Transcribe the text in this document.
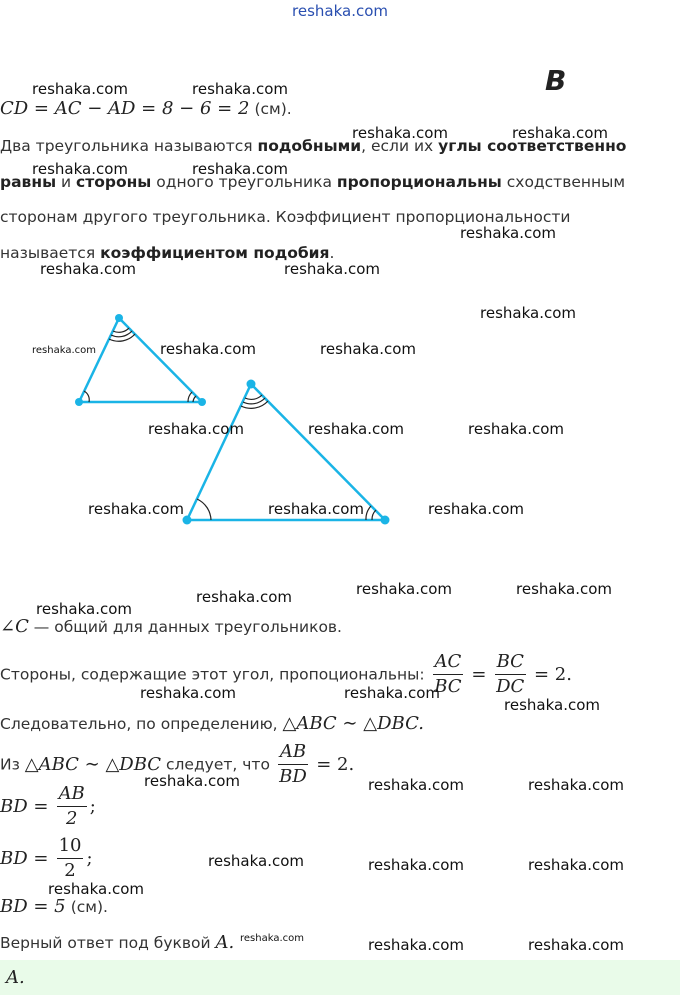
reshaka.com
B
CD = AC − AD = 8 − 6 = 2 (см).
Два треугольника называются подобными, если их углы соответственно
равны и стороны одного треугольника пропорциональны сходственным
сторонам другого треугольника. Коэффициент пропорциональности
называется коэффициентом подобия.
∠C — общий для данных треугольников.
Стороны, содержащие этот угол, пропоциональны: $\frac{AC}{BC} = \frac{BC}{DC} = 2$.
Следовательно, по определению, △ABC ∼ △DBC.
Из △ABC ∼ △DBC следует, что $\frac{AB}{BD} = 2$.
BD = $\frac{AB}{2}$ ;
BD = $\frac{10}{2}$ ;
BD = 5 (см).
Верный ответ под буквой A.
A.
reshaka.com	reshaka.com
reshaka.com	reshaka.com
reshaka.com	reshaka.com
reshaka.com
reshaka.com	reshaka.com
reshaka.com
reshaka.com	reshaka.com	reshaka.com
reshaka.com	reshaka.com	reshaka.com
reshaka.com	reshaka.com	reshaka.com
reshaka.com	reshaka.com
reshaka.com
reshaka.com
reshaka.com	reshaka.com
reshaka.com
reshaka.com	reshaka.com	reshaka.com
reshaka.com	reshaka.com	reshaka.com
reshaka.com
reshaka.com	reshaka.com	reshaka.com
